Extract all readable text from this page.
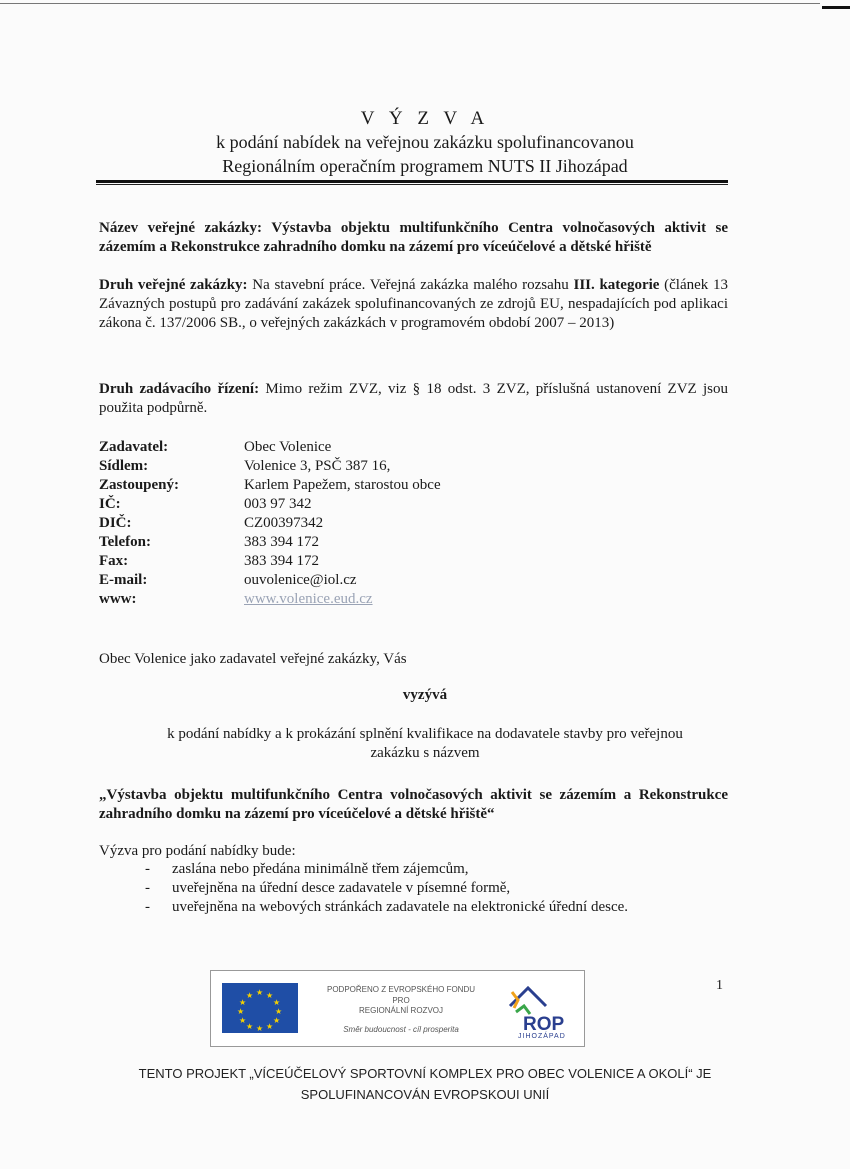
V Ý Z V A
k podání nabídek na veřejnou zakázku spolufinancovanou
Regionálním operačním programem NUTS II Jihozápad
Název veřejné zakázky: Výstavba objektu multifunkčního Centra volnočasových aktivit se zázemím a Rekonstrukce zahradního domku na zázemí pro víceúčelové a dětské hřiště
Druh veřejné zakázky: Na stavební práce. Veřejná zakázka malého rozsahu III. kategorie (článek 13 Závazných postupů pro zadávání zakázek spolufinancovaných ze zdrojů EU, nespadajících pod aplikaci zákona č. 137/2006 SB., o veřejných zakázkách v programovém období 2007 – 2013)
Druh zadávacího řízení: Mimo režim ZVZ, viz § 18 odst. 3 ZVZ, příslušná ustanovení ZVZ jsou použita podpůrně.
Zadavatel:	Obec Volenice
Sídlem:	Volenice 3, PSČ 387 16,
Zastoupený:	Karlem Papežem, starostou obce
IČ:	003 97 342
DIČ:	CZ00397342
Telefon:	383 394 172
Fax:	383 394 172
E-mail:	ouvolenice@iol.cz
www:	www.volenice.eud.cz
Obec Volenice jako zadavatel veřejné zakázky, Vás
vyzývá
k podání nabídky a k prokázání splnění kvalifikace na dodavatele stavby pro veřejnou
zakázku s názvem
„Výstavba objektu multifunkčního Centra volnočasových aktivit se zázemím a Rekonstrukce zahradního domku na zázemí pro víceúčelové a dětské hřiště“
Výzva pro podání nabídky bude:
- zaslána nebo předána minimálně třem zájemcům,
- uveřejněna na úřední desce zadavatele v písemné formě,
- uveřejněna na webových stránkách zadavatele na elektronické úřední desce.
★ ★
★
★
★
★
★
★
★
★
★
★
PODPOŘENO Z EVROPSKÉHO FONDU
PRO
REGIONÁLNÍ ROZVOJ
Směr budoucnost - cíl prosperita	ROP
JIHOZÁPAD
1
TENTO PROJEKT „VÍCEÚČELOVÝ SPORTOVNÍ KOMPLEX PRO OBEC VOLENICE A OKOLÍ“ JE
SPOLUFINANCOVÁN EVROPSKOUI UNIÍ
